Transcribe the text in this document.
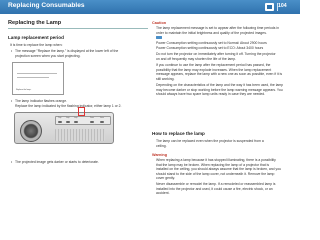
Replacing Consumables	104
Replacing the Lamp
Lamp replacement period
It is time to replace the lamp when:
• The message "Replace the lamp." is displayed at the lower left of the
projection screen when you start projecting.
Replace the lamp.
• The lamp indicator flashes orange.
Replace the lamp indicated by the flashing indicator, either lamp 1 or 2.
Temp	Lamp	Lamp	Power	Status
• The projected image gets darker or starts to deteriorate.
Caution
The lamp replacement message is set to appear after the following time periods in
order to maintain the initial brightness and quality of the projected images.
Power Consumption setting continuously set to Normal: About 2900 hours
Power Consumption setting continuously set to ECO: About 3400 hours
Do not turn the projector on immediately after turning it off. Turning the projector
on and off frequently may shorten the life of the lamp.
If you continue to use the lamp after the replacement period has passed, the
possibility that the lamp may explode increases. When the lamp replacement
message appears, replace the lamp with a new one as soon as possible, even if it is
still working.
Depending on the characteristics of the lamp and the way it has been used, the lamp
may become darker or stop working before the lamp warning message appears. You
should always have two spare lamp units ready in case they are needed.
How to replace the lamp
The lamp can be replaced even when the projector is suspended from a
ceiling.
Warning
When replacing a lamp because it has stopped illuminating, there is a possibility
that the lamp may be broken. When replacing the lamp of a projector that is
installed on the ceiling, you should always assume that the lamp is broken, and you
should stand to the side of the lamp cover, not underneath it. Remove the lamp
cover gently.
Never disassemble or remodel the lamp. If a remodeled or reassembled lamp is
installed into the projector and used, it could cause a fire, electric shock, or an
accident.
